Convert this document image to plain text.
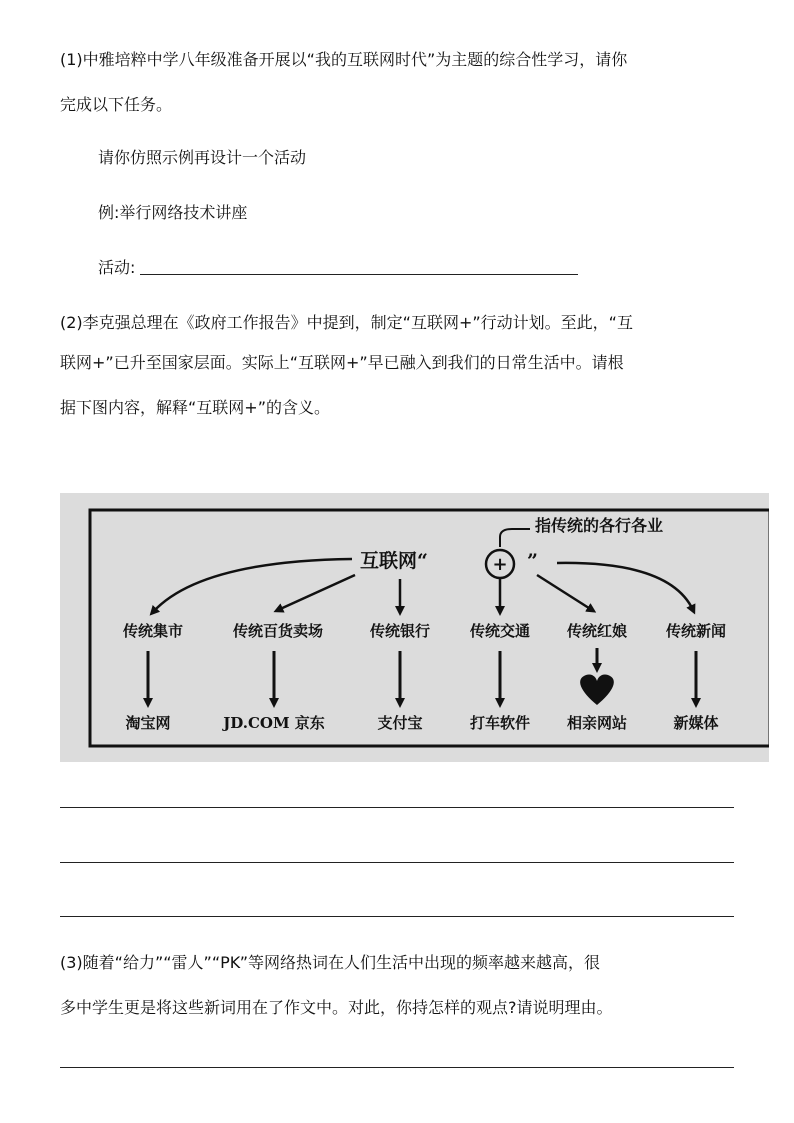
(1)中雅培粹中学八年级准备开展以“我的互联网时代”为主题的综合性学习，请你
完成以下任务。
请你仿照示例再设计一个活动
例:举行网络技术讲座
活动:
(2)李克强总理在《政府工作报告》中提到，制定“互联网+”行动计划。至此，“互
联网+”已升至国家层面。实际上“互联网+”早已融入到我们的日常生活中。请根
据下图内容，解释“互联网+”的含义。
指传统的各行各业
互联网“	+ ”
传统集市	传统百货卖场	传统银行	传统交通 传统红娘	传统新闻
淘宝网	JD.COM 京东	支付宝	打车软件 相亲网站	新媒体
(3)随着“给力”“雷人”“PK”等网络热词在人们生活中出现的频率越来越高，很
多中学生更是将这些新词用在了作文中。对此，你持怎样的观点?请说明理由。
